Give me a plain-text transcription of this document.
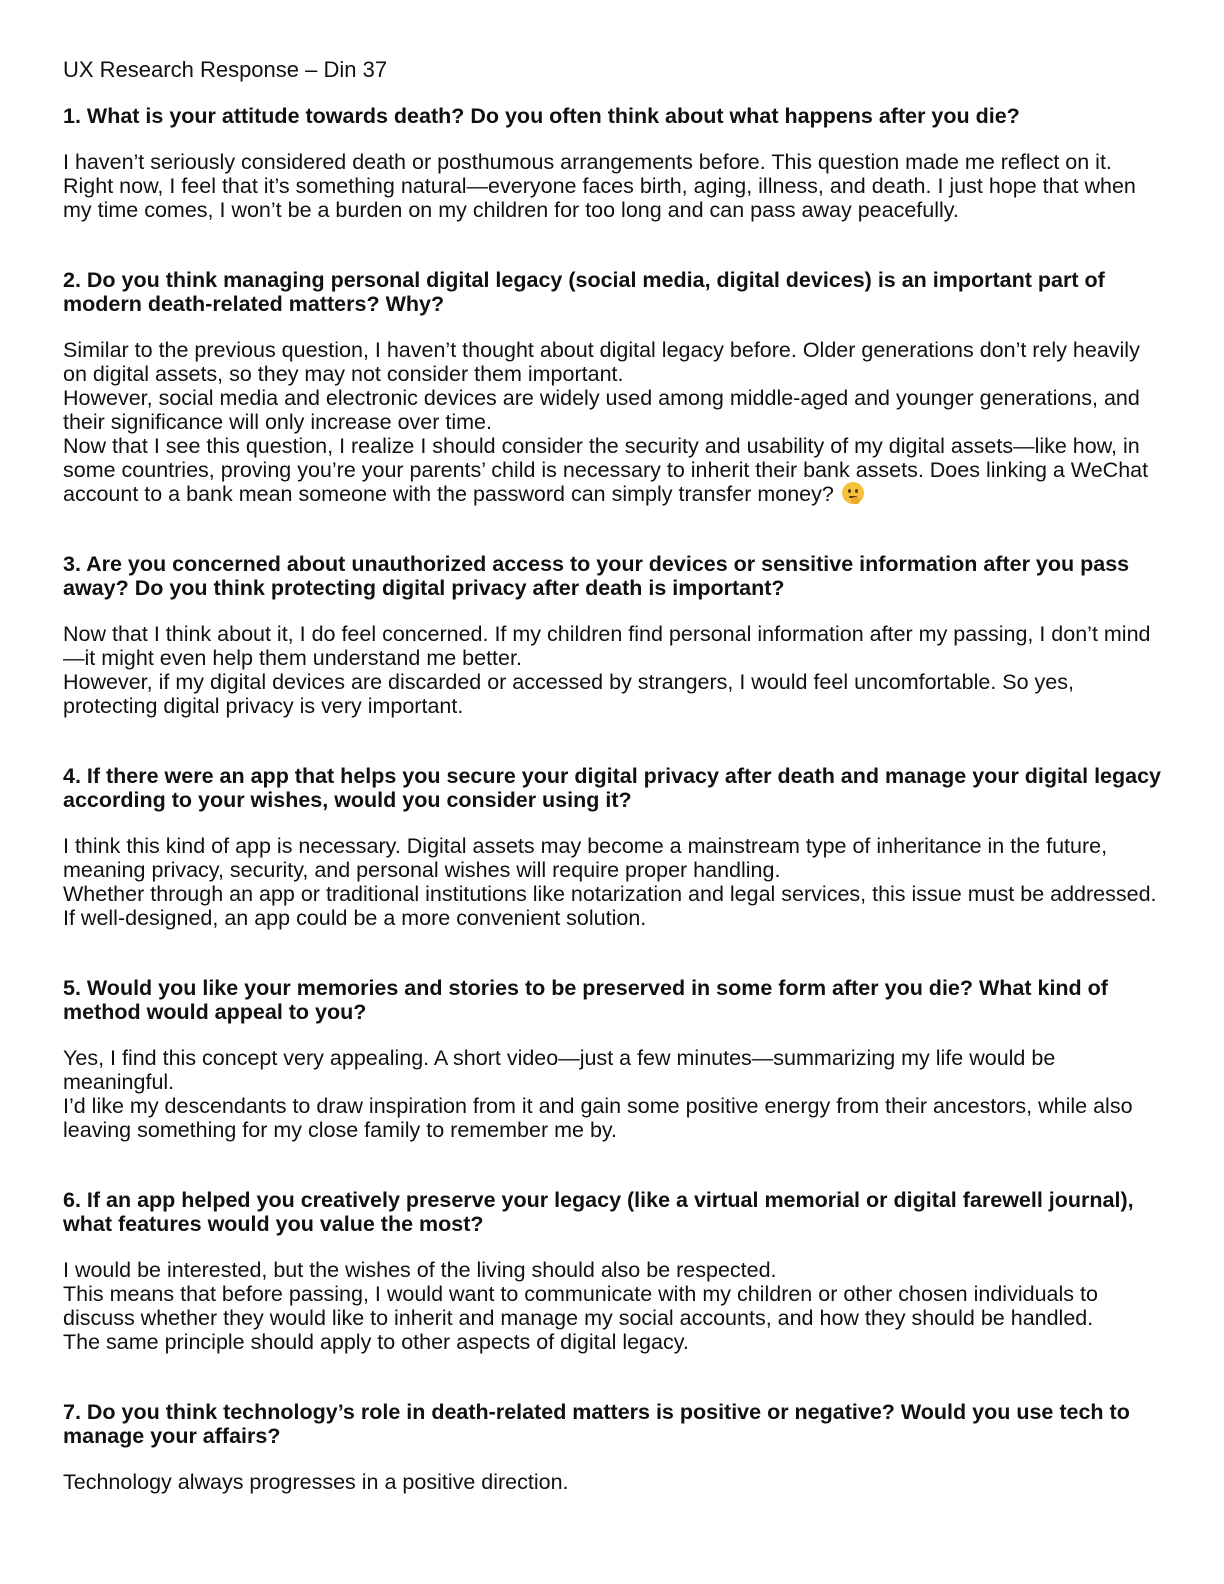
UX Research Response – Din 37
1. What is your attitude towards death? Do you often think about what happens after you die?
I haven’t seriously considered death or posthumous arrangements before. This question made me reflect on it.
Right now, I feel that it’s something natural—everyone faces birth, aging, illness, and death. I just hope that when my time comes, I won’t be a burden on my children for too long and can pass away peacefully.
2. Do you think managing personal digital legacy (social media, digital devices) is an important part of modern death-related matters? Why?
Similar to the previous question, I haven’t thought about digital legacy before. Older generations don’t rely heavily on digital assets, so they may not consider them important.
However, social media and electronic devices are widely used among middle-aged and younger generations, and their significance will only increase over time.
Now that I see this question, I realize I should consider the security and usability of my digital assets—like how, in some countries, proving you’re your parents’ child is necessary to inherit their bank assets. Does linking a WeChat account to a bank mean someone with the password can simply transfer money?
3. Are you concerned about unauthorized access to your devices or sensitive information after you pass away? Do you think protecting digital privacy after death is important?
Now that I think about it, I do feel concerned. If my children find personal information after my passing, I don’t mind—it might even help them understand me better.
However, if my digital devices are discarded or accessed by strangers, I would feel uncomfortable. So yes, protecting digital privacy is very important.
4. If there were an app that helps you secure your digital privacy after death and manage your digital legacy according to your wishes, would you consider using it?
I think this kind of app is necessary. Digital assets may become a mainstream type of inheritance in the future, meaning privacy, security, and personal wishes will require proper handling.
Whether through an app or traditional institutions like notarization and legal services, this issue must be addressed. If well-designed, an app could be a more convenient solution.
5. Would you like your memories and stories to be preserved in some form after you die? What kind of method would appeal to you?
Yes, I find this concept very appealing. A short video—just a few minutes—summarizing my life would be meaningful.
I’d like my descendants to draw inspiration from it and gain some positive energy from their ancestors, while also leaving something for my close family to remember me by.
6. If an app helped you creatively preserve your legacy (like a virtual memorial or digital farewell journal), what features would you value the most?
I would be interested, but the wishes of the living should also be respected.
This means that before passing, I would want to communicate with my children or other chosen individuals to discuss whether they would like to inherit and manage my social accounts, and how they should be handled.
The same principle should apply to other aspects of digital legacy.
7. Do you think technology’s role in death-related matters is positive or negative? Would you use tech to manage your affairs?
Technology always progresses in a positive direction.
